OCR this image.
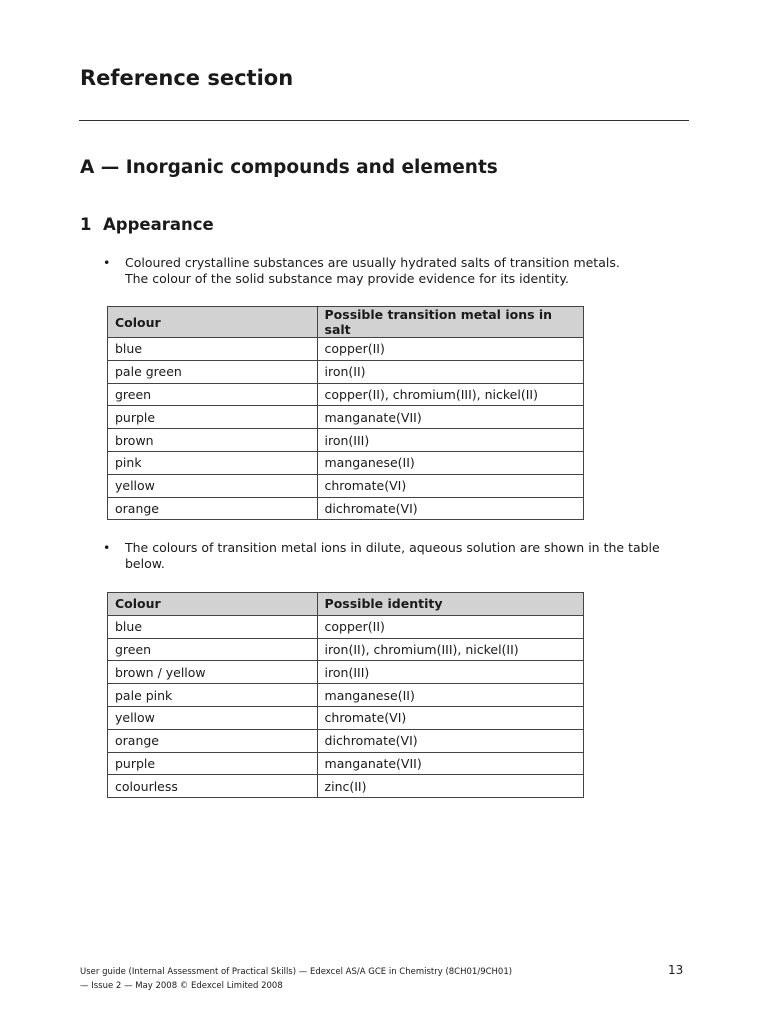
Reference section
A — Inorganic compounds and elements
1 Appearance
• Coloured crystalline substances are usually hydrated salts of transition metals.
The colour of the solid substance may provide evidence for its identity.
Colour	Possible transition metal ions in salt
blue	copper(II)
pale green	iron(II)
green	copper(II), chromium(III), nickel(II)
purple	manganate(VII)
brown	iron(III)
pink	manganese(II)
yellow	chromate(VI)
orange	dichromate(VI)
• The colours of transition metal ions in dilute, aqueous solution are shown in the table
below.
Colour	Possible identity
blue	copper(II)
green	iron(II), chromium(III), nickel(II)
brown / yellow	iron(III)
pale pink	manganese(II)
yellow	chromate(VI)
orange	dichromate(VI)
purple	manganate(VII)
colourless	zinc(II)
User guide (Internal Assessment of Practical Skills) — Edexcel AS/A GCE in Chemistry (8CH01/9CH01)
— Issue 2 — May 2008 © Edexcel Limited 2008
13
